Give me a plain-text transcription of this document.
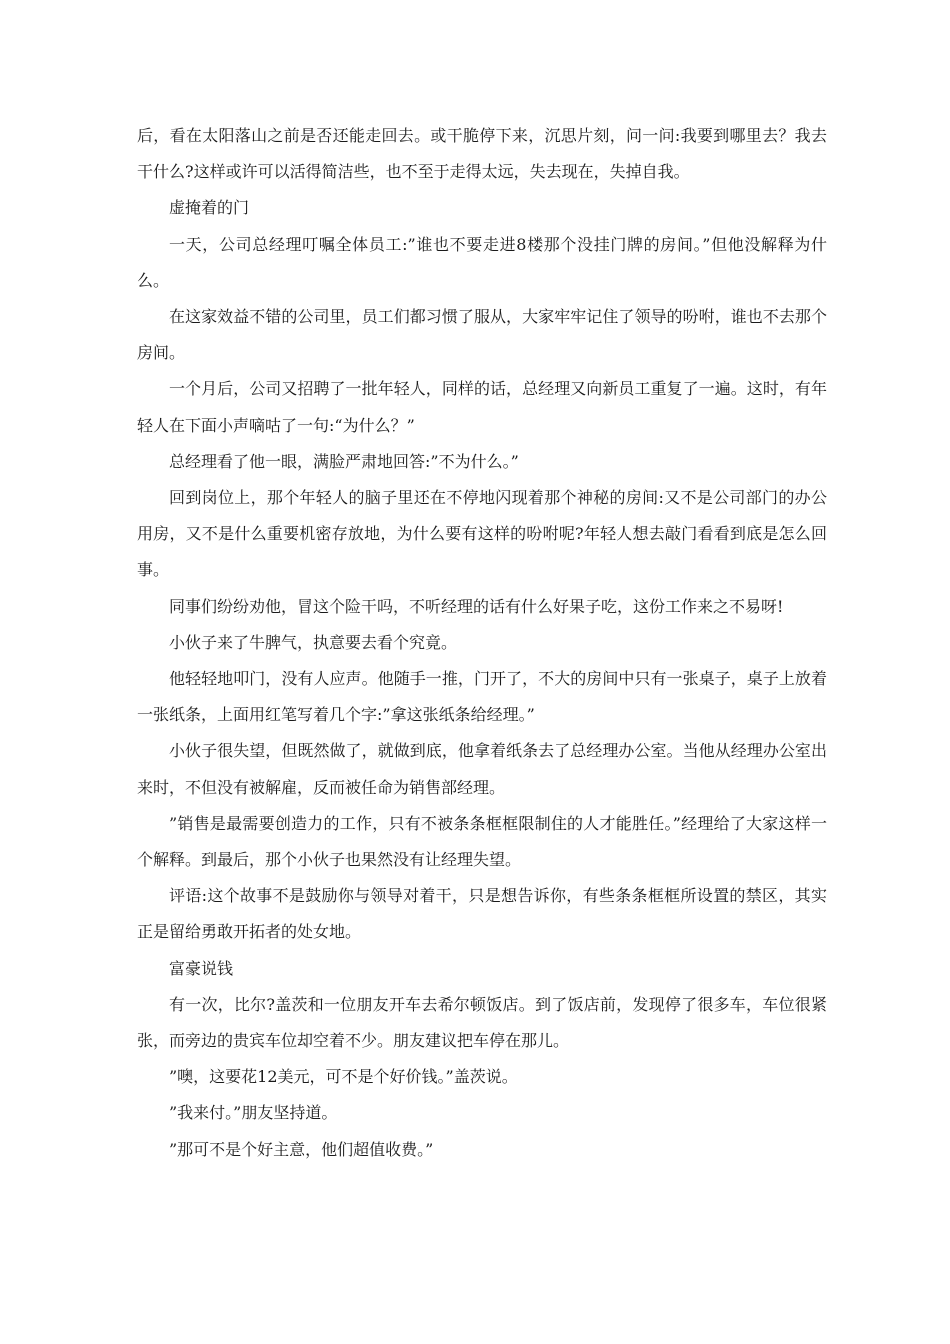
后，看在太阳落山之前是否还能走回去。或干脆停下来，沉思片刻，问一问:我要到哪里去？我去干什么?这样或许可以活得简洁些，也不至于走得太远，失去现在，失掉自我。

虚掩着的门

一天，公司总经理叮嘱全体员工:”谁也不要走进8楼那个没挂门牌的房间。”但他没解释为什么。

在这家效益不错的公司里，员工们都习惯了服从，大家牢牢记住了领导的吩咐，谁也不去那个房间。

一个月后，公司又招聘了一批年轻人，同样的话，总经理又向新员工重复了一遍。这时，有年轻人在下面小声嘀咕了一句:“为什么？”

总经理看了他一眼，满脸严肃地回答:”不为什么。”

回到岗位上，那个年轻人的脑子里还在不停地闪现着那个神秘的房间:又不是公司部门的办公用房，又不是什么重要机密存放地，为什么要有这样的吩咐呢?年轻人想去敲门看看到底是怎么回事。

同事们纷纷劝他，冒这个险干吗，不听经理的话有什么好果子吃，这份工作来之不易呀!

小伙子来了牛脾气，执意要去看个究竟。

他轻轻地叩门，没有人应声。他随手一推，门开了，不大的房间中只有一张桌子，桌子上放着一张纸条，上面用红笔写着几个字:”拿这张纸条给经理。”

小伙子很失望，但既然做了，就做到底，他拿着纸条去了总经理办公室。当他从经理办公室出来时，不但没有被解雇，反而被任命为销售部经理。

”销售是最需要创造力的工作，只有不被条条框框限制住的人才能胜任。”经理给了大家这样一个解释。到最后，那个小伙子也果然没有让经理失望。

评语:这个故事不是鼓励你与领导对着干，只是想告诉你，有些条条框框所设置的禁区，其实正是留给勇敢开拓者的处女地。

富豪说钱

有一次，比尔?盖茨和一位朋友开车去希尔顿饭店。到了饭店前，发现停了很多车，车位很紧张，而旁边的贵宾车位却空着不少。朋友建议把车停在那儿。

”噢，这要花12美元，可不是个好价钱。”盖茨说。

”我来付。”朋友坚持道。

”那可不是个好主意，他们超值收费。”
